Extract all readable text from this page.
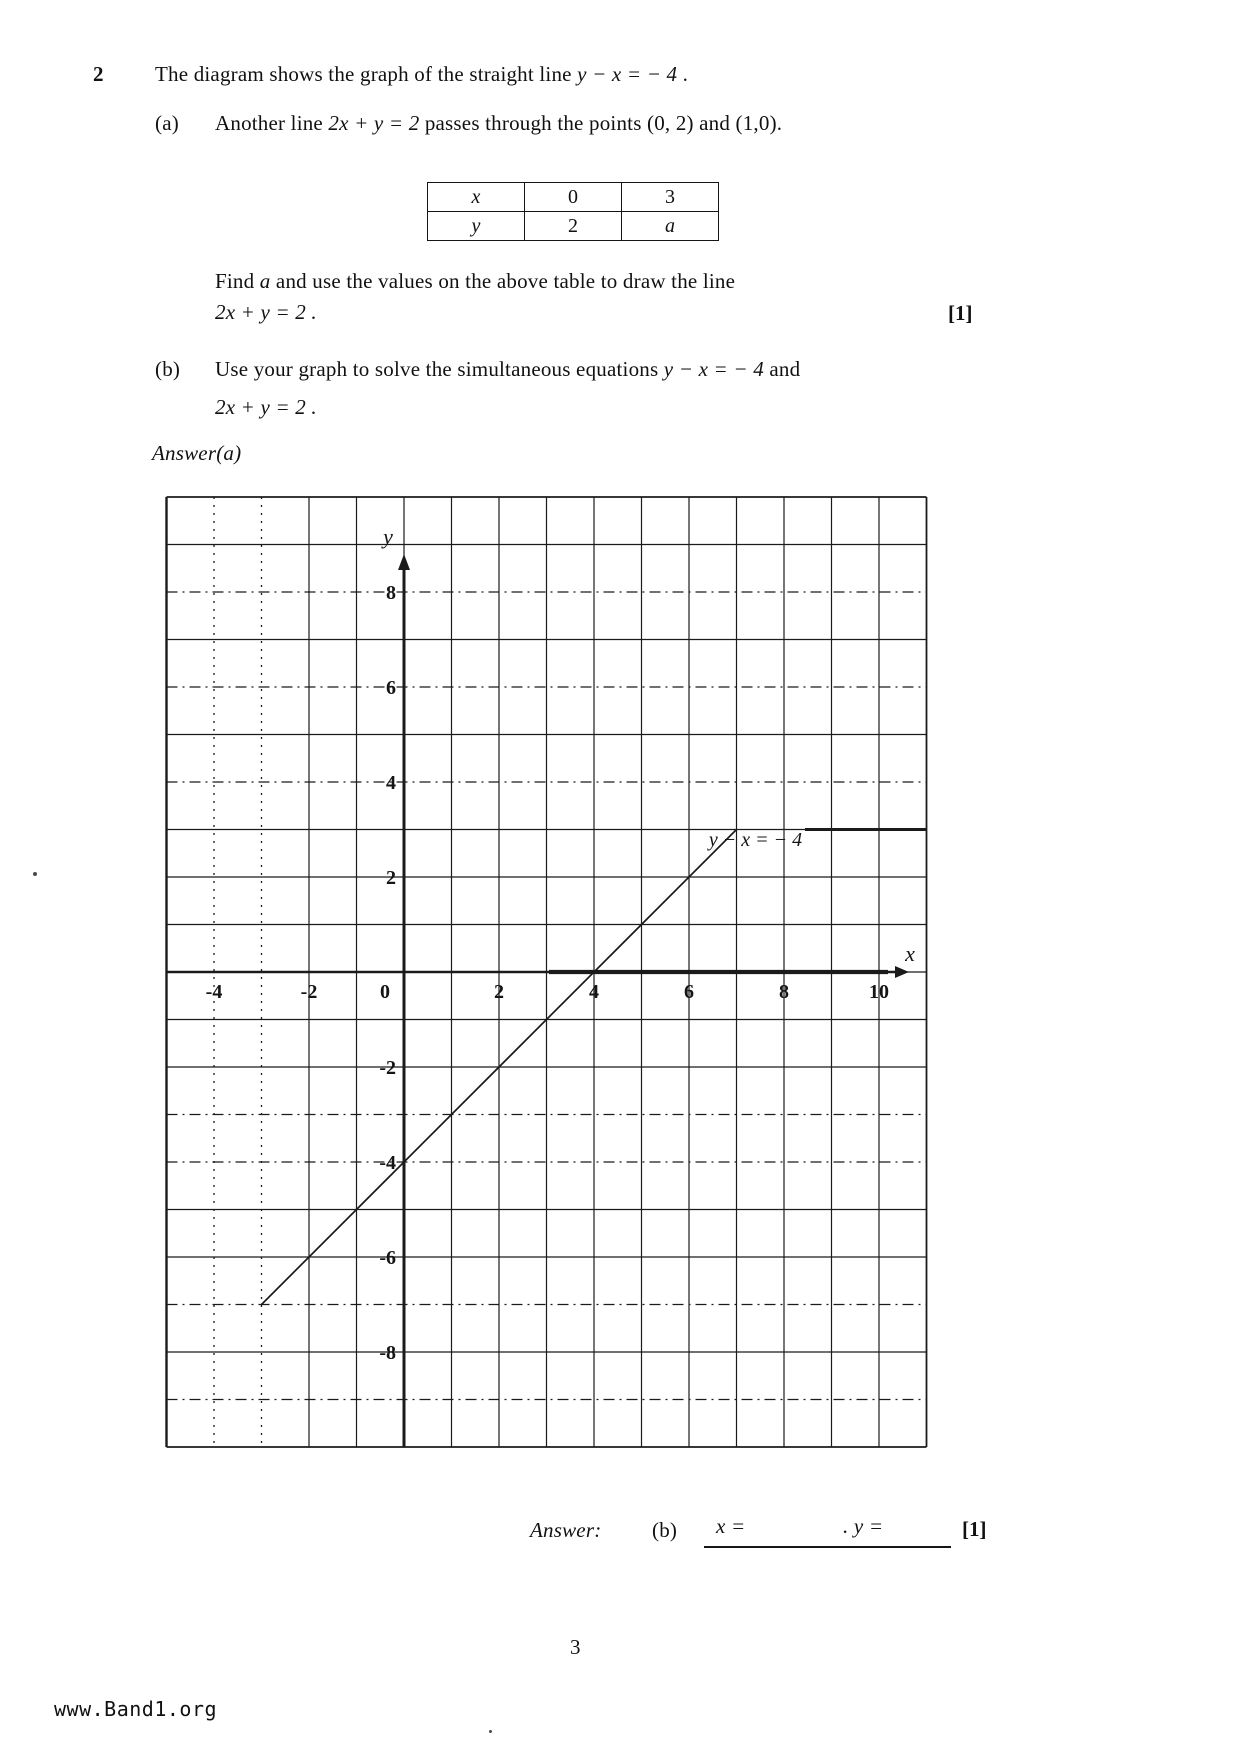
2 The diagram shows the graph of the straight line y − x = − 4 .
(a) Another line 2x + y = 2 passes through the points (0, 2) and (1,0).
x	0	3
y	2	a
Find a and use the values on the above table to draw the line
2x + y = 2 .	[1]
(b) Use your graph to solve the simultaneous equations y − x = − 4 and
2x + y = 2 .
Answer(a)
x
y
-4	-2	0	2	4	6	8	10
8
6
4
2
-2
-4
-6
-8
y − x = − 4
Answer: (b) x =	. y =	[1]
3
www.Band1.org
